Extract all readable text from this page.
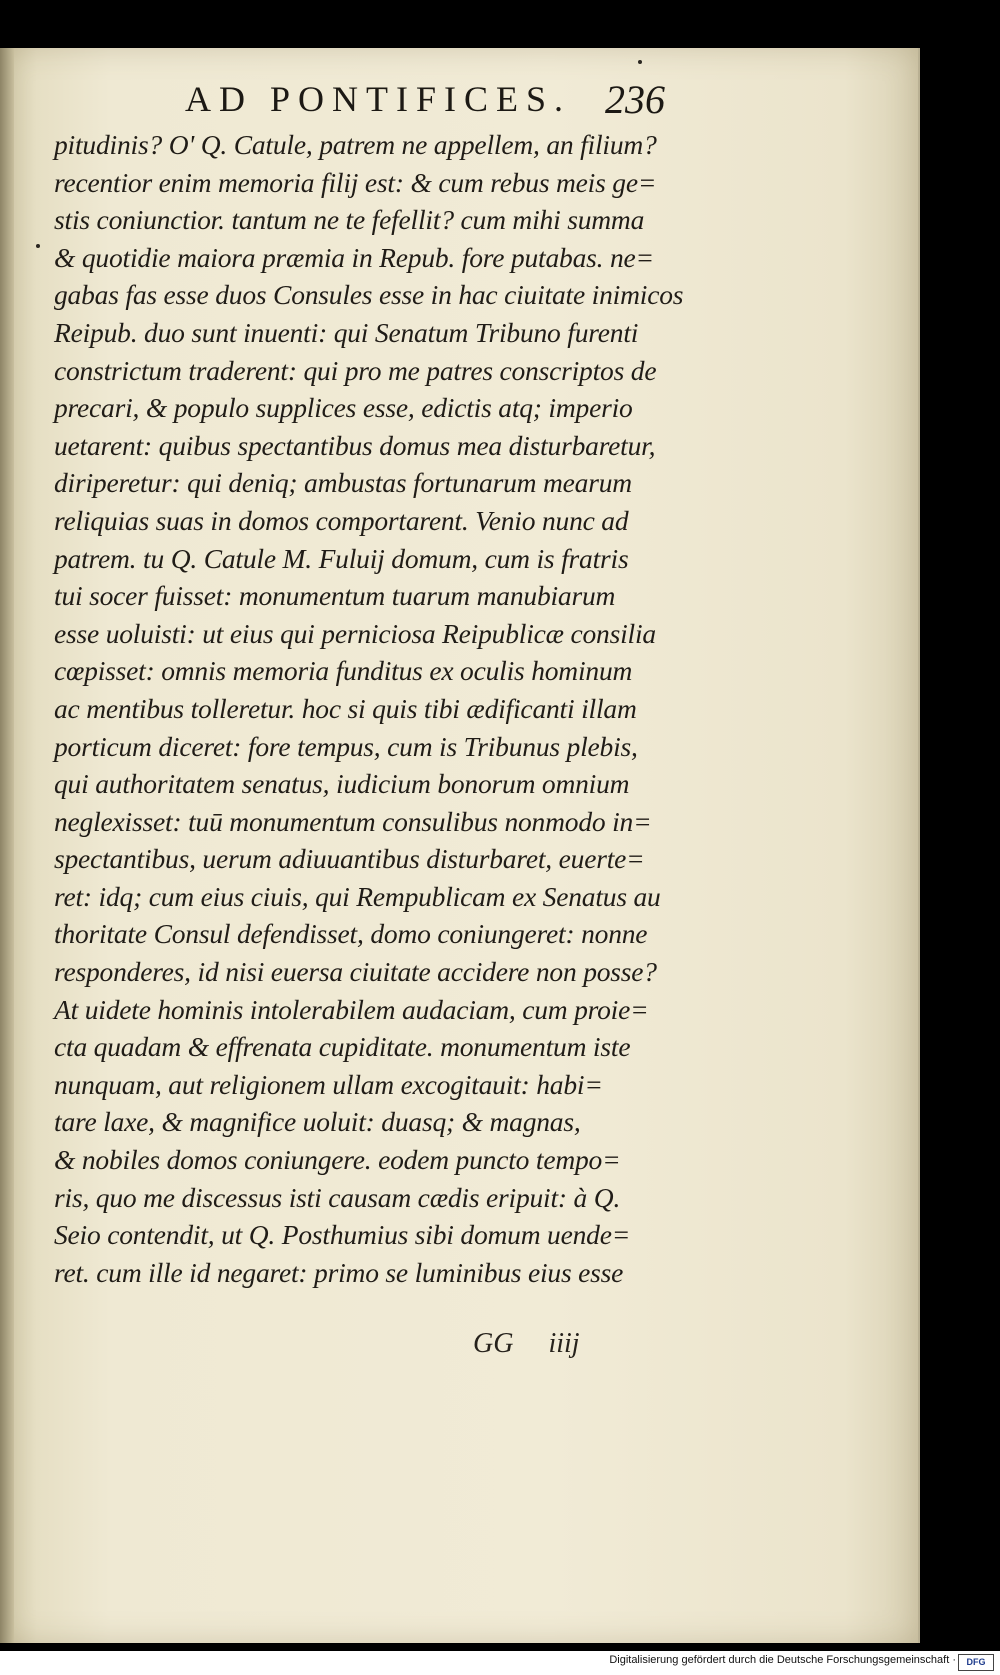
AD PONTIFICES. 236
pitudinis? O' Q. Catule, patrem ne appellem, an filium?
recentior enim memoria filij est: & cum rebus meis ge=
stis coniunctior. tantum ne te fefellit? cum mihi summa
& quotidie maiora præmia in Repub. fore putabas. ne=
gabas fas esse duos Consules esse in hac ciuitate inimicos
Reipub. duo sunt inuenti: qui Senatum Tribuno furenti
constrictum traderent: qui pro me patres conscriptos de
precari, & populo supplices esse, edictis atq; imperio
uetarent: quibus spectantibus domus mea disturbaretur,
diriperetur: qui deniq; ambustas fortunarum mearum
reliquias suas in domos comportarent. Venio nunc ad
patrem. tu Q. Catule M. Fuluij domum, cum is fratris
tui socer fuisset: monumentum tuarum manubiarum
esse uoluisti: ut eius qui perniciosa Reipublicæ consilia
cœpisset: omnis memoria funditus ex oculis hominum
ac mentibus tolleretur. hoc si quis tibi ædificanti illam
porticum diceret: fore tempus, cum is Tribunus plebis,
qui authoritatem senatus, iudicium bonorum omnium
neglexisset: tuū monumentum consulibus nonmodo in=
spectantibus, uerum adiuuantibus disturbaret, euerte=
ret: idq; cum eius ciuis, qui Rempublicam ex Senatus au
thoritate Consul defendisset, domo coniungeret: nonne
responderes, id nisi euersa ciuitate accidere non posse?
At uidete hominis intolerabilem audaciam, cum proie=
cta quadam & effrenata cupiditate. monumentum iste
nunquam, aut religionem ullam excogitauit: habi=
tare laxe, & magnifice uoluit: duasq; & magnas,
& nobiles domos coniungere. eodem puncto tempo=
ris, quo me discessus isti causam cædis eripuit: à Q.
Seio contendit, ut Q. Posthumius sibi domum uende=
ret. cum ille id negaret: primo se luminibus eius esse
GG iiij
Digitalisierung gefördert durch die Deutsche Forschungsgemeinschaft ·	DFG
